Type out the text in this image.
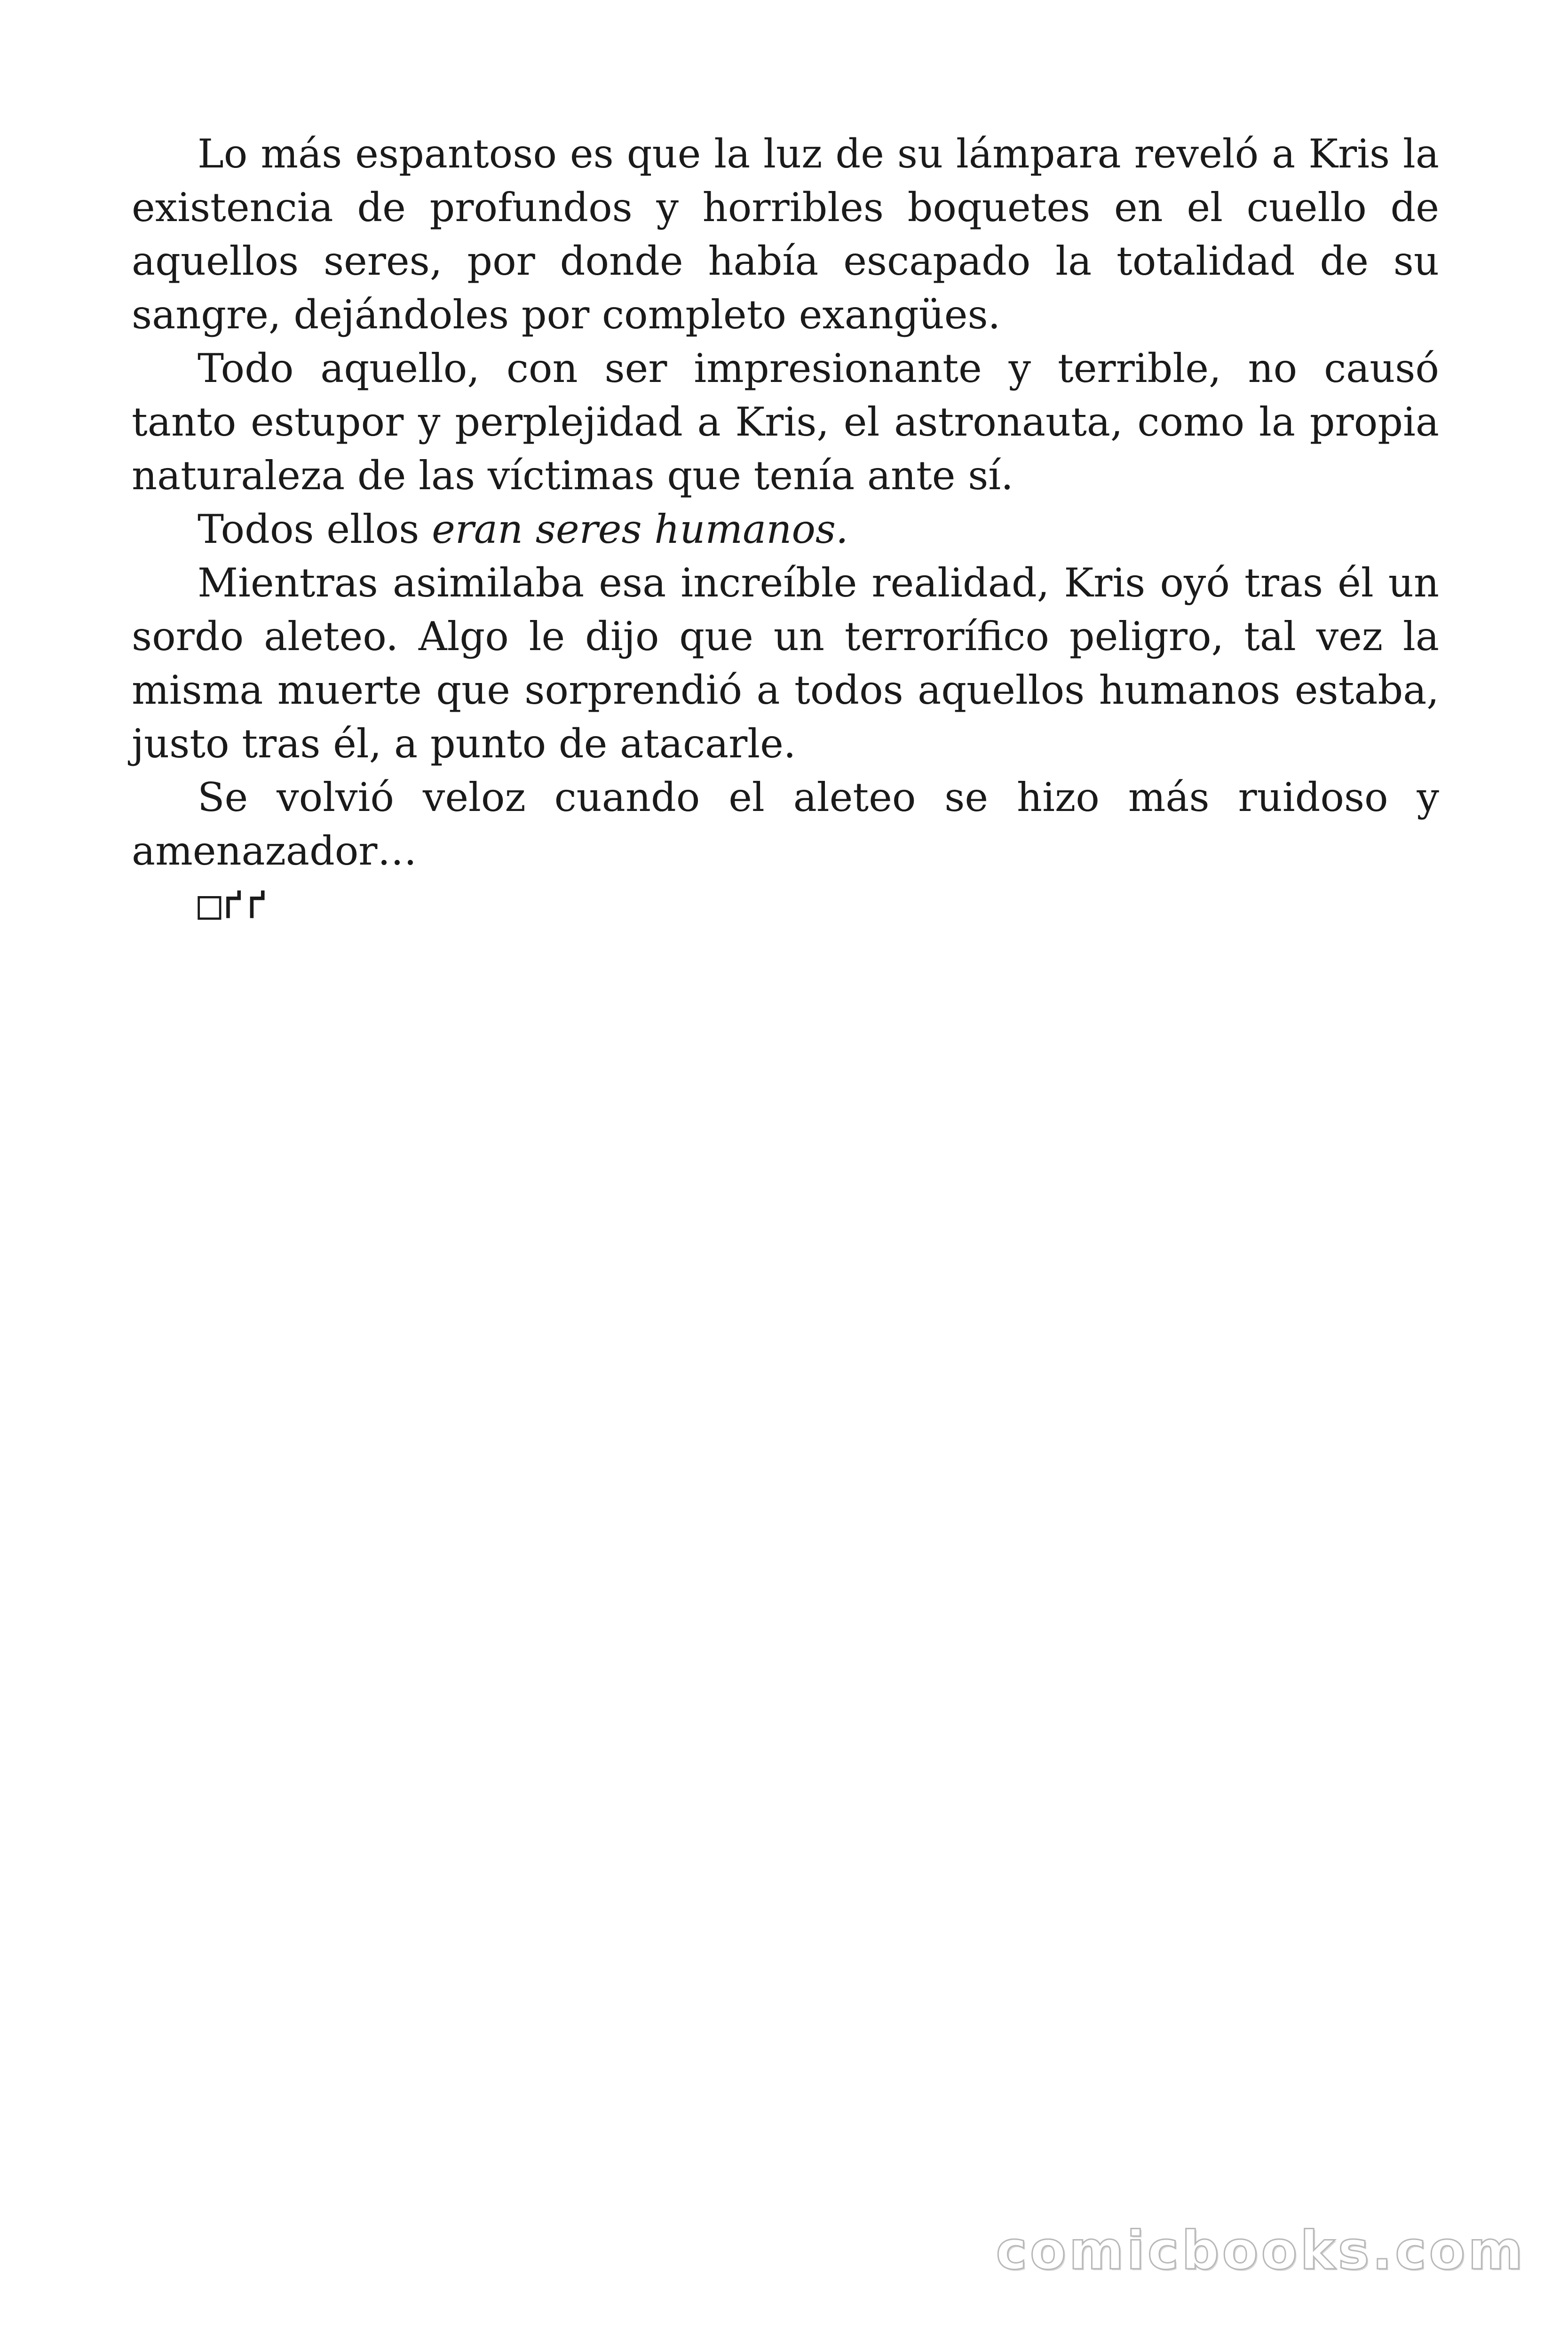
Lo más espantoso es que la luz de su lámpara reveló a Kris la existencia de profundos y horribles boquetes en el cuello de aquellos seres, por donde había escapado la totalidad de su sangre, dejándoles por completo exangües.

Todo aquello, con ser impresionante y terrible, no causó tanto estupor y perplejidad a Kris, el astronauta, como la propia naturaleza de las víctimas que tenía ante sí.

Todos ellos eran seres humanos.

Mientras asimilaba esa increíble realidad, Kris oyó tras él un sordo aleteo. Algo le dijo que un terrorífico peligro, tal vez la misma muerte que sorprendió a todos aquellos humanos estaba, justo tras él, a punto de atacarle.

Se volvió veloz cuando el aleteo se hizo más ruidoso y amenazador…

□ґґ

comicbooks.com
